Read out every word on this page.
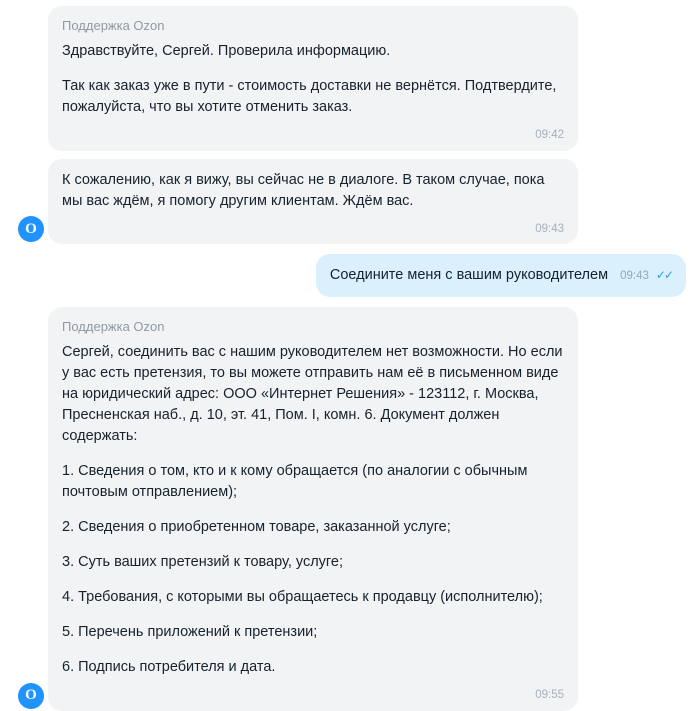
O
Поддержка Ozon

Здравствуйте, Сергей. Проверила информацию.

Так как заказ уже в пути - стоимость доставки не вернётся. Подтвердите, пожалуйста, что вы хотите отменить заказ.

09:42

К сожалению, как я вижу, вы сейчас не в диалоге. В таком случае, пока мы вас ждём, я помогу другим клиентам. Ждём вас.

09:43
Соедините меня с вашим руководителем 09:43 ✓✓
O
Поддержка Ozon

Сергей, соединить вас с нашим руководителем нет возможности. Но если у вас есть претензия, то вы можете отправить нам её в письменном виде на юридический адрес: ООО «Интернет Решения» - 123112, г. Москва, Пресненская наб., д. 10, эт. 41, Пом. I, комн. 6. Документ должен содержать:

1. Сведения о том, кто и к кому обращается (по аналогии с обычным почтовым отправлением);

2. Сведения о приобретенном товаре, заказанной услуге;

3. Суть ваших претензий к товару, услуге;

4. Требования, с которыми вы обращаетесь к продавцу (исполнителю);

5. Перечень приложений к претензии;

6. Подпись потребителя и дата.

09:55
